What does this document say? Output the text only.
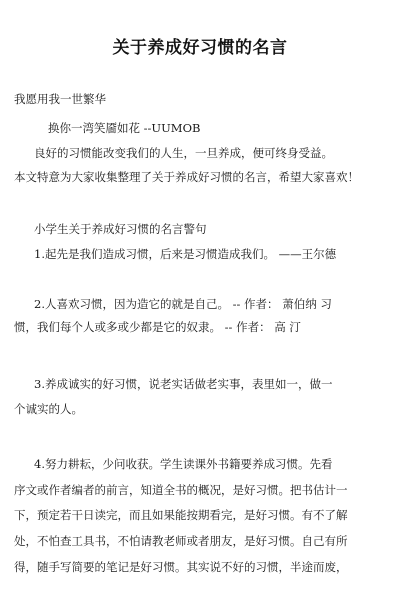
关于养成好习惯的名言
我愿用我一世繁华
换你一湾笑靥如花 --UUMOB
良好的习惯能改变我们的人生，一旦养成，便可终身受益。
本文特意为大家收集整理了关于养成好习惯的名言，希望大家喜欢！
小学生关于养成好习惯的名言警句
1.起先是我们造成习惯，后来是习惯造成我们。 ——王尔德
2.人喜欢习惯，因为造它的就是自己。 -- 作者： 萧伯纳 习
惯，我们每个人或多或少都是它的奴隶。 -- 作者： 高 汀
3.养成诚实的好习惯，说老实话做老实事，表里如一，做一
个诚实的人。
4.努力耕耘，少问收获。学生读课外书籍要养成习惯。先看
序文或作者编者的前言，知道全书的概况，是好习惯。把书估计一
下，预定若干日读完，而且如果能按期看完，是好习惯。有不了解
处，不怕查工具书，不怕请教老师或者朋友，是好习惯。自己有所
得，随手写简要的笔记是好习惯。其实说不好的习惯，半途而废，
